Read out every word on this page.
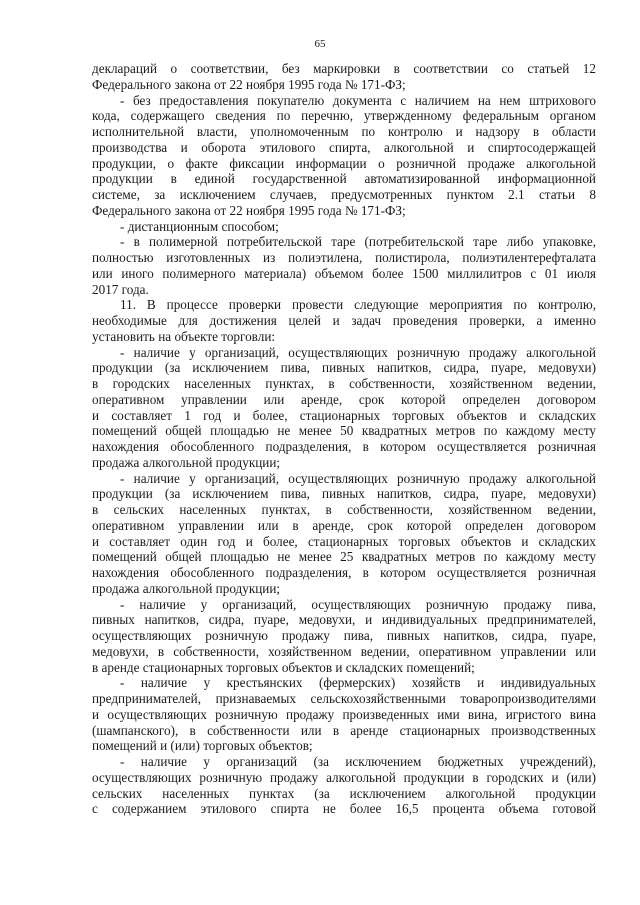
65
деклараций о соответствии, без маркировки в соответствии со статьей 12
Федерального закона от 22 ноября 1995 года № 171-ФЗ;
- без предоставления покупателю документа с наличием на нем штрихового
кода, содержащего сведения по перечню, утвержденному федеральным органом
исполнительной власти, уполномоченным по контролю и надзору в области
производства и оборота этилового спирта, алкогольной и спиртосодержащей
продукции, о факте фиксации информации о розничной продаже алкогольной
продукции в единой государственной автоматизированной информационной
системе, за исключением случаев, предусмотренных пунктом 2.1 статьи 8
Федерального закона от 22 ноября 1995 года № 171-ФЗ;
- дистанционным способом;
- в полимерной потребительской таре (потребительской таре либо упаковке,
полностью изготовленных из полиэтилена, полистирола, полиэтилентерефталата
или иного полимерного материала) объемом более 1500 миллилитров с 01 июля
2017 года.
11. В процессе проверки провести следующие мероприятия по контролю,
необходимые для достижения целей и задач проведения проверки, а именно
установить на объекте торговли:
- наличие у организаций, осуществляющих розничную продажу алкогольной
продукции (за исключением пива, пивных напитков, сидра, пуаре, медовухи)
в городских населенных пунктах, в собственности, хозяйственном ведении,
оперативном управлении или аренде, срок которой определен договором
и составляет 1 год и более, стационарных торговых объектов и складских
помещений общей площадью не менее 50 квадратных метров по каждому месту
нахождения обособленного подразделения, в котором осуществляется розничная
продажа алкогольной продукции;
- наличие у организаций, осуществляющих розничную продажу алкогольной
продукции (за исключением пива, пивных напитков, сидра, пуаре, медовухи)
в сельских населенных пунктах, в собственности, хозяйственном ведении,
оперативном управлении или в аренде, срок которой определен договором
и составляет один год и более, стационарных торговых объектов и складских
помещений общей площадью не менее 25 квадратных метров по каждому месту
нахождения обособленного подразделения, в котором осуществляется розничная
продажа алкогольной продукции;
- наличие у организаций, осуществляющих розничную продажу пива,
пивных напитков, сидра, пуаре, медовухи, и индивидуальных предпринимателей,
осуществляющих розничную продажу пива, пивных напитков, сидра, пуаре,
медовухи, в собственности, хозяйственном ведении, оперативном управлении или
в аренде стационарных торговых объектов и складских помещений;
- наличие у крестьянских (фермерских) хозяйств и индивидуальных
предпринимателей, признаваемых сельскохозяйственными товаропроизводителями
и осуществляющих розничную продажу произведенных ими вина, игристого вина
(шампанского), в собственности или в аренде стационарных производственных
помещений и (или) торговых объектов;
- наличие у организаций (за исключением бюджетных учреждений),
осуществляющих розничную продажу алкогольной продукции в городских и (или)
сельских населенных пунктах (за исключением алкогольной продукции
с содержанием этилового спирта не более 16,5 процента объема готовой
